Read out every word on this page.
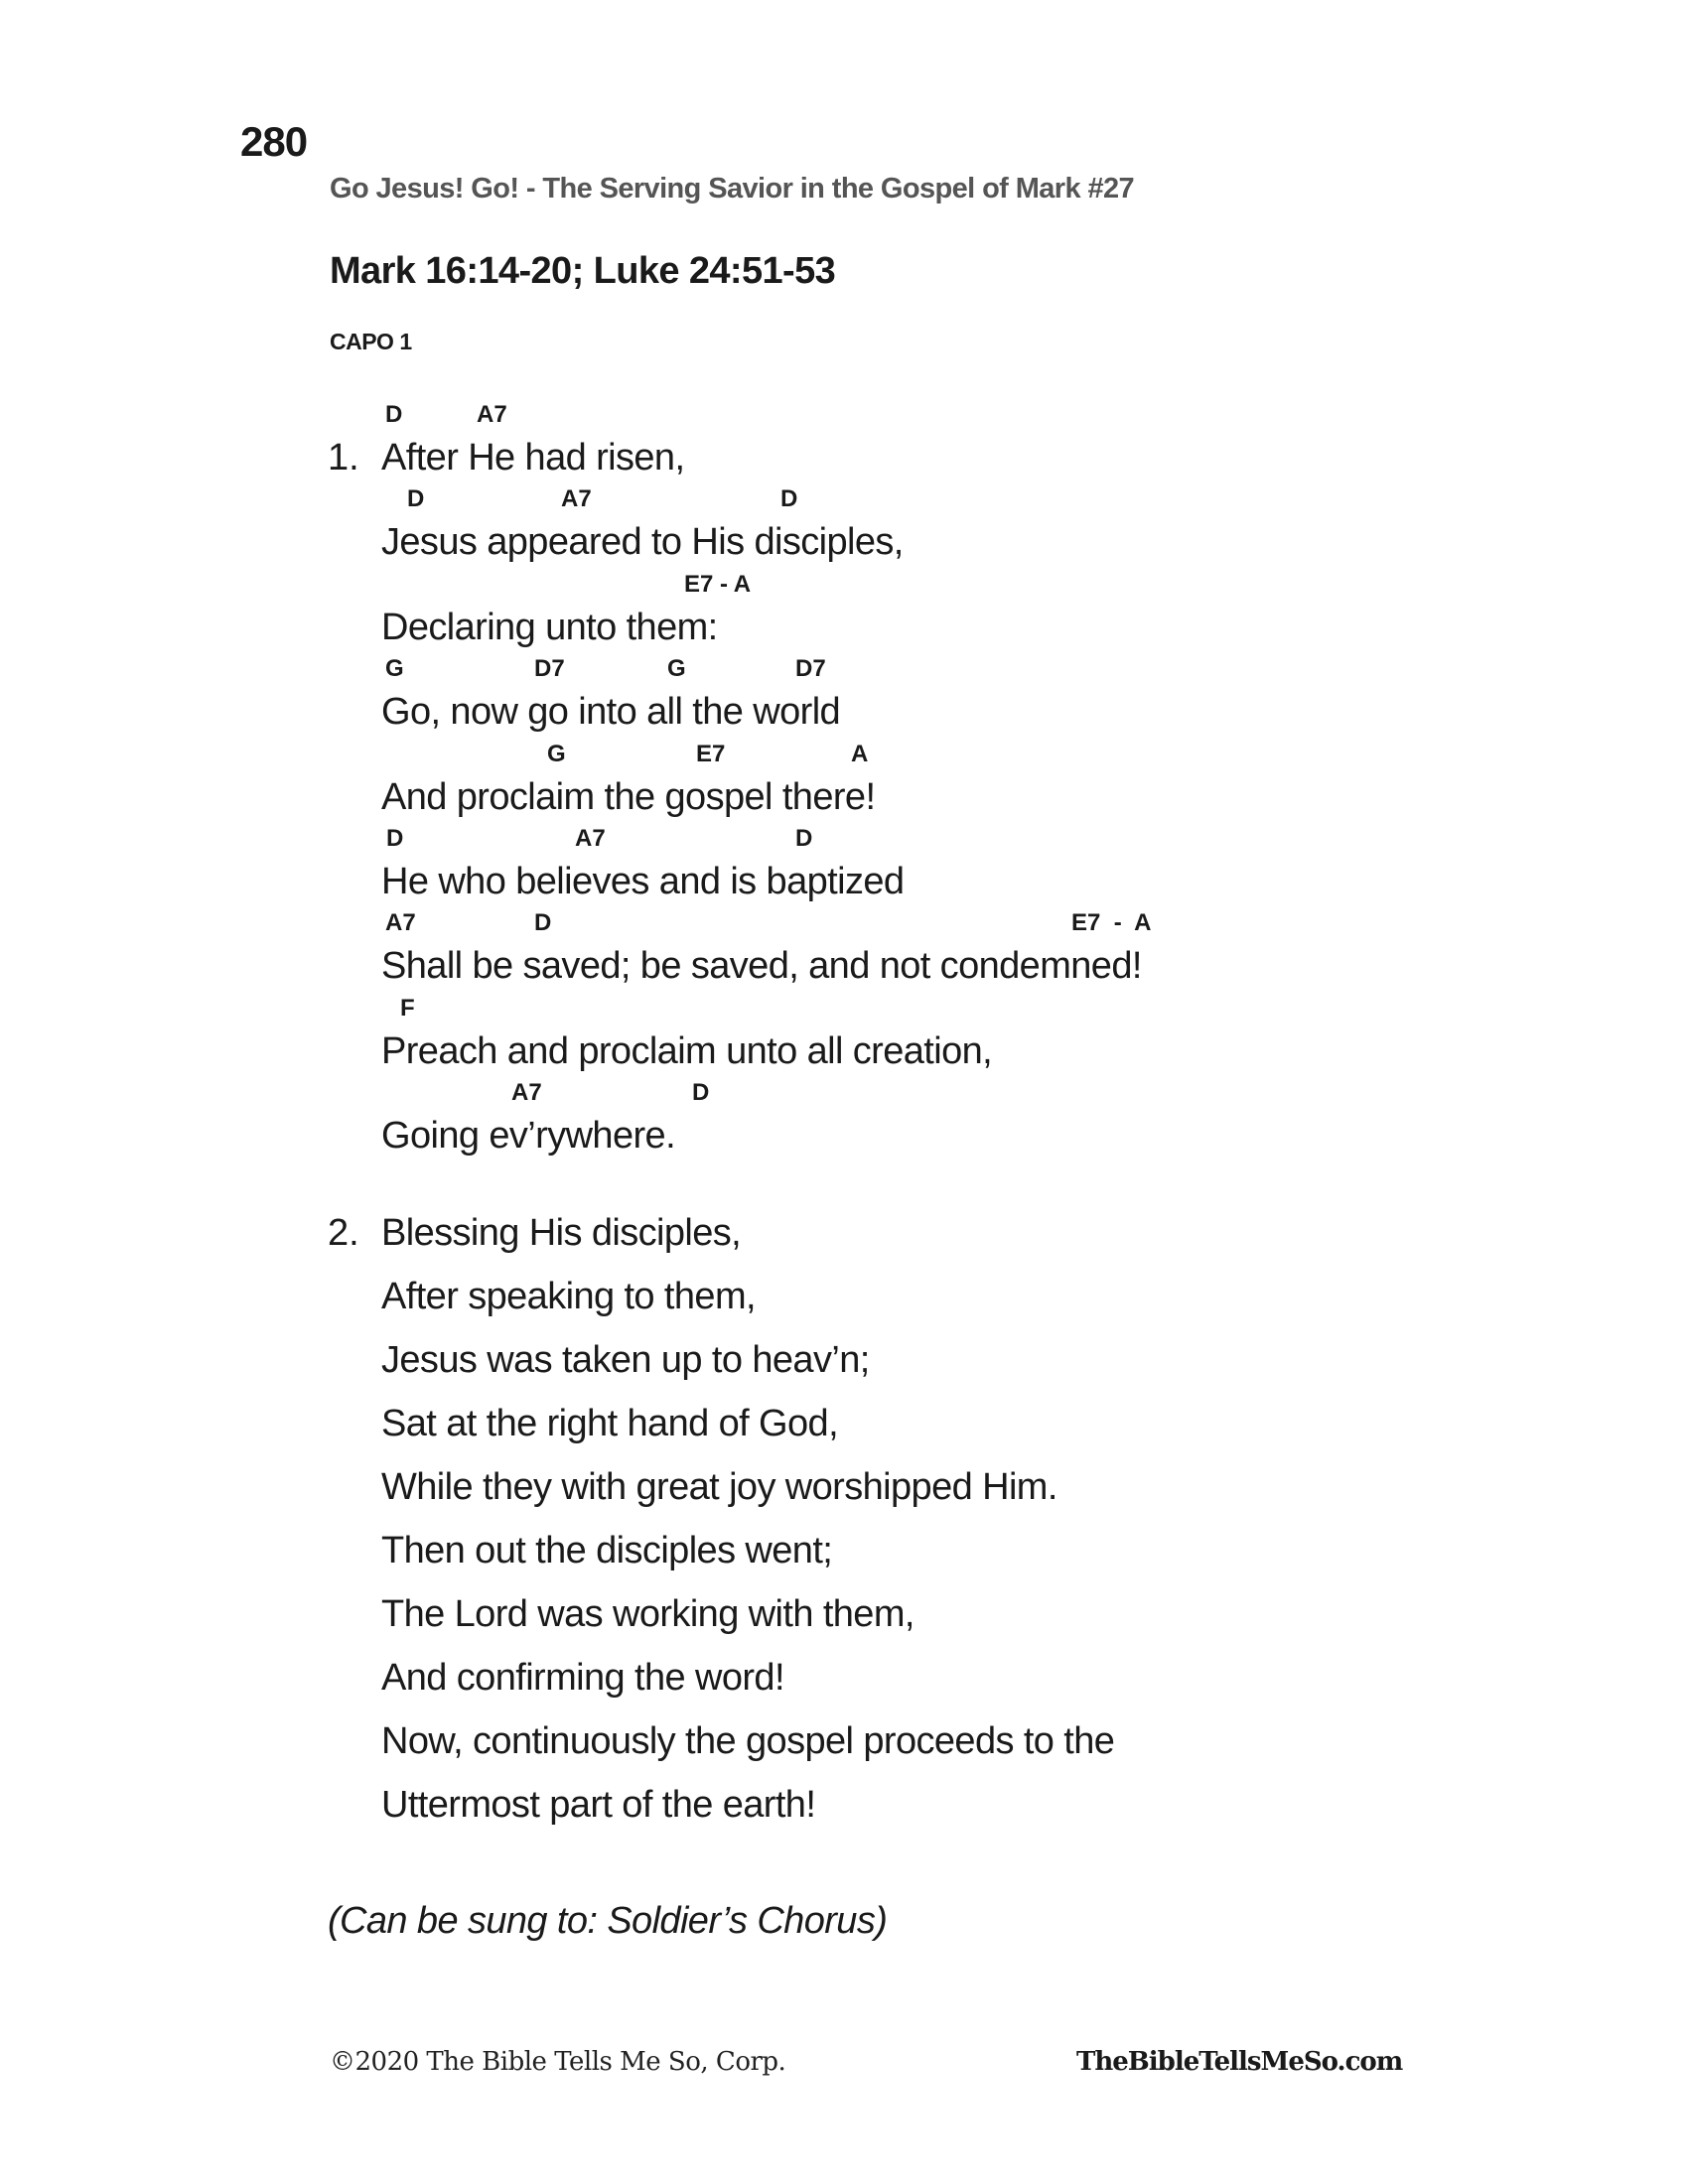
280
Go Jesus! Go! - The Serving Savior in the Gospel of Mark #27
Mark 16:14-20; Luke 24:51-53
CAPO 1
1.
D	A7
After He had risen,
D	A7	D
Jesus appeared to His disciples,
E7 - A
Declaring unto them:
G	D7	G	D7
Go, now go into all the world
G	E7	A
And proclaim the gospel there!
D	A7	D
He who believes and is baptized
A7	D	E7  -  A
Shall be saved; be saved, and not condemned!
F
Preach and proclaim unto all creation,
A7	D
Going ev’rywhere.
2. Blessing His disciples,
After speaking to them,
Jesus was taken up to heav’n;
Sat at the right hand of God,
While they with great joy worshipped Him.
Then out the disciples went;
The Lord was working with them,
And confirming the word!
Now, continuously the gospel proceeds to the
Uttermost part of the earth!
(Can be sung to: Soldier’s Chorus)
©2020 The Bible Tells Me So, Corp.	TheBibleTellsMeSo.com
